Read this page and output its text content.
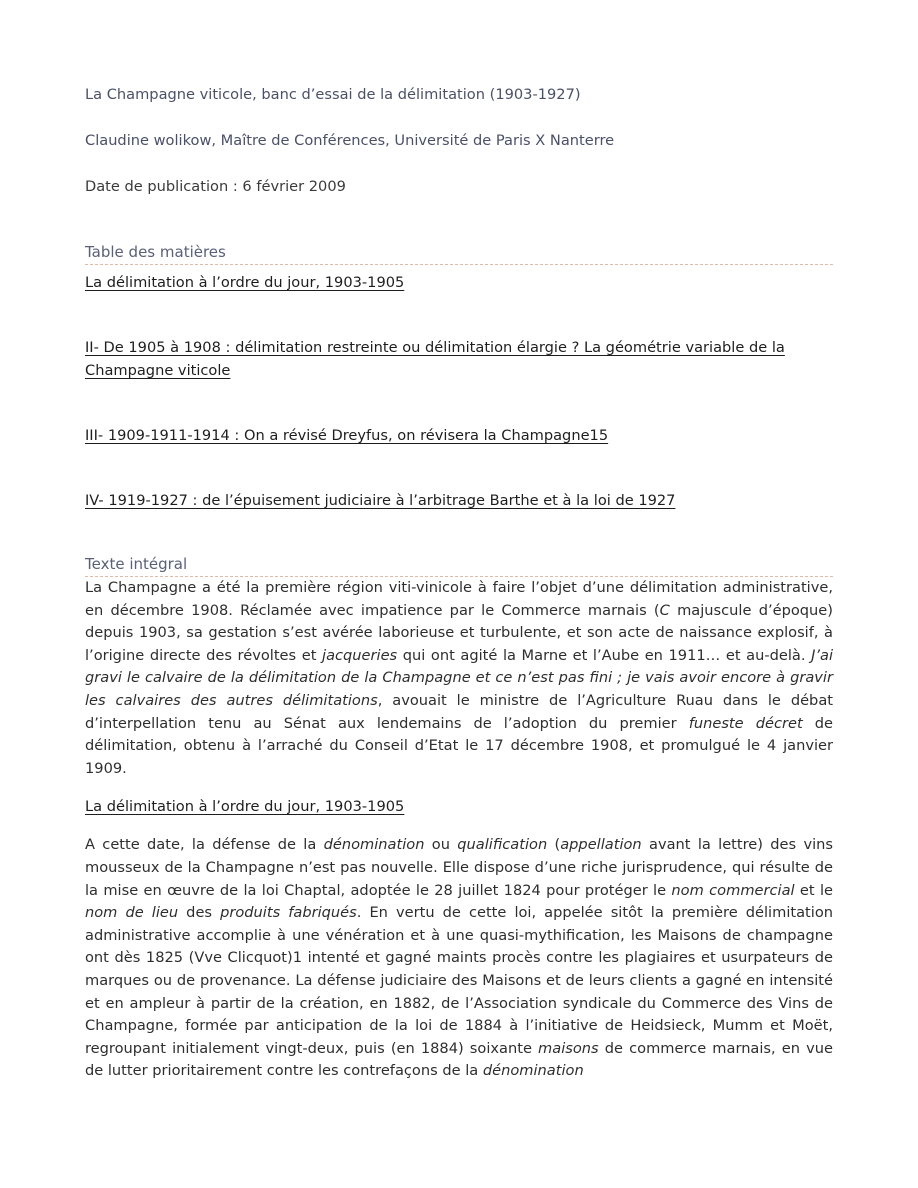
La Champagne viticole, banc d’essai de la délimitation (1903-1927)
Claudine wolikow, Maître de Conférences, Université de Paris X Nanterre
Date de publication : 6 février 2009
Table des matières
La délimitation à l’ordre du jour, 1903-1905
II- De 1905 à 1908 : délimitation restreinte ou délimitation élargie ? La géométrie variable de la Champagne viticole
III- 1909-1911-1914 : On a révisé Dreyfus, on révisera la Champagne15
IV- 1919-1927 : de l’épuisement judiciaire à l’arbitrage Barthe et à la loi de 1927
Texte intégral

La Champagne a été la première région viti-vinicole à faire l’objet d’une délimitation administrative, en décembre 1908. Réclamée avec impatience par le Commerce marnais (C majuscule d’époque) depuis 1903, sa gestation s’est avérée laborieuse et turbulente, et son acte de naissance explosif, à l’origine directe des révoltes et jacqueries qui ont agité la Marne et l’Aube en 1911… et au-delà. J’ai gravi le calvaire de la délimitation de la Champagne et ce n’est pas fini ; je vais avoir encore à gravir les calvaires des autres délimitations, avouait le ministre de l’Agriculture Ruau dans le débat d’interpellation tenu au Sénat aux lendemains de l’adoption du premier funeste décret de délimitation, obtenu à l’arraché du Conseil d’Etat le 17 décembre 1908, et promulgué le 4 janvier 1909.

La délimitation à l’ordre du jour, 1903-1905

A cette date, la défense de la dénomination ou qualification (appellation avant la lettre) des vins mousseux de la Champagne n’est pas nouvelle. Elle dispose d’une riche jurisprudence, qui résulte de la mise en œuvre de la loi Chaptal, adoptée le 28 juillet 1824 pour protéger le nom commercial et le nom de lieu des produits fabriqués. En vertu de cette loi, appelée sitôt la première délimitation administrative accomplie à une vénération et à une quasi-mythification, les Maisons de champagne ont dès 1825 (Vve Clicquot)1 intenté et gagné maints procès contre les plagiaires et usurpateurs de marques ou de provenance. La défense judiciaire des Maisons et de leurs clients a gagné en intensité et en ampleur à partir de la création, en 1882, de l’Association syndicale du Commerce des Vins de Champagne, formée par anticipation de la loi de 1884 à l’initiative de Heidsieck, Mumm et Moët, regroupant initialement vingt-deux, puis (en 1884) soixante maisons de commerce marnais, en vue de lutter prioritairement contre les contrefaçons de la dénomination
